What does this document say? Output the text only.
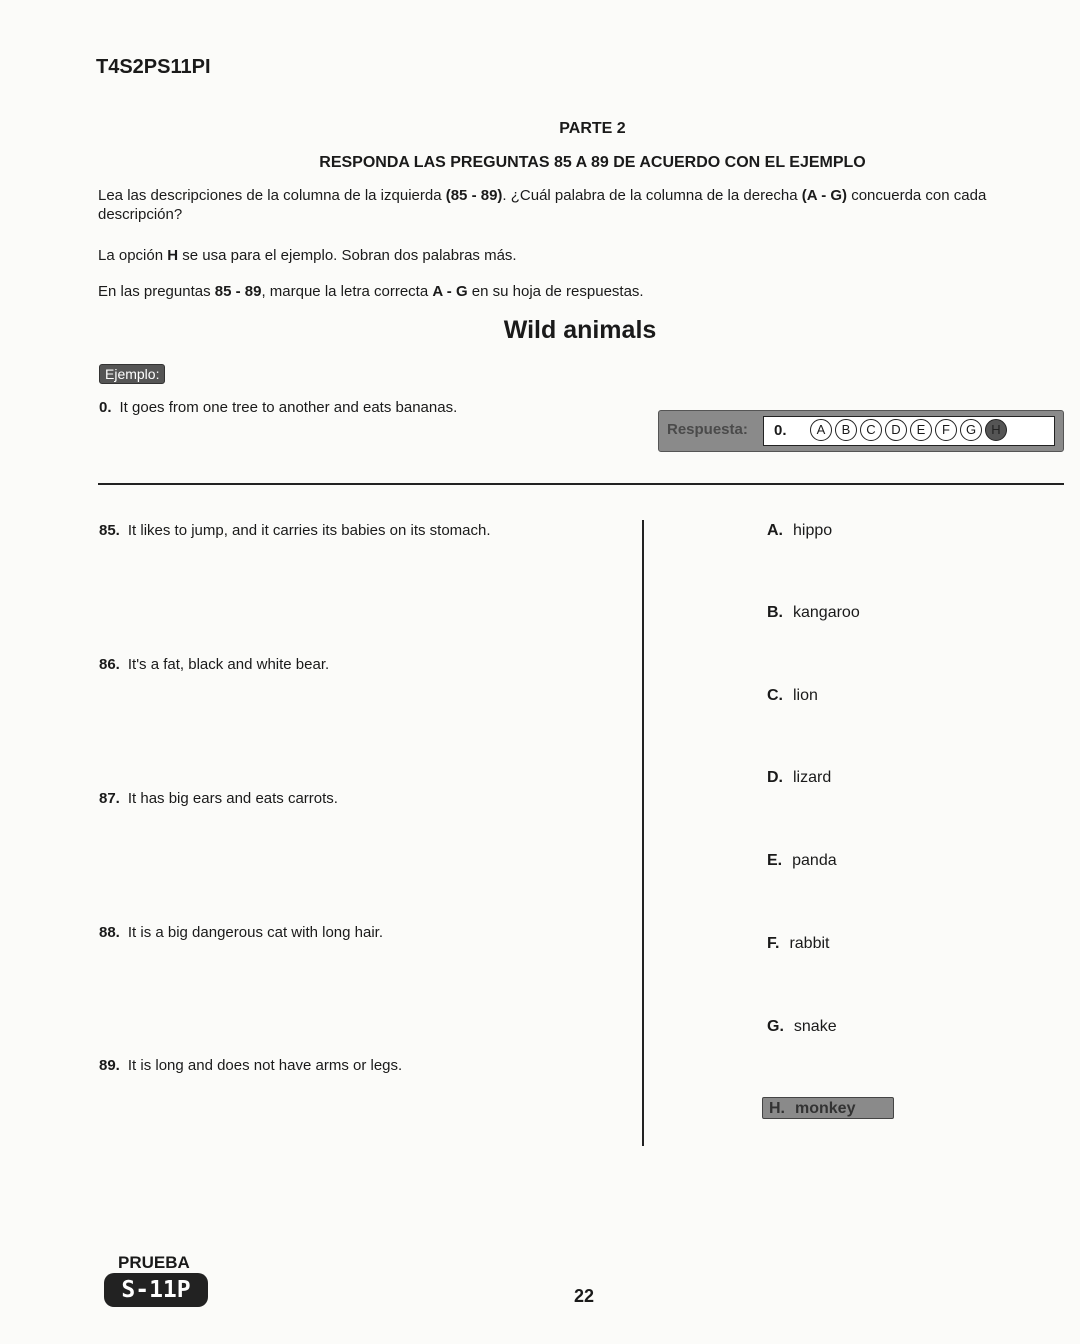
T4S2PS11PI
PARTE 2
RESPONDA LAS PREGUNTAS 85 A 89 DE ACUERDO CON EL EJEMPLO
Lea las descripciones de la columna de la izquierda (85 - 89). ¿Cuál palabra de la columna de la derecha (A - G) concuerda con cada descripción?
La opción H se usa para el ejemplo. Sobran dos palabras más.
En las preguntas 85 - 89, marque la letra correcta A - G en su hoja de respuestas.
Wild animals
Ejemplo:
0. It goes from one tree to another and eats bananas.
Respuesta: 0.	A	B	C	D	E	F	G	H
85. It likes to jump, and it carries its babies on its stomach.
86. It's a fat, black and white bear.
87. It has big ears and eats carrots.
88. It is a big dangerous cat with long hair.
89. It is long and does not have arms or legs.
A. hippo
B. kangaroo
C. lion
D. lizard
E. panda
F. rabbit
G. snake
H. monkey
PRUEBA
S-11P	22
